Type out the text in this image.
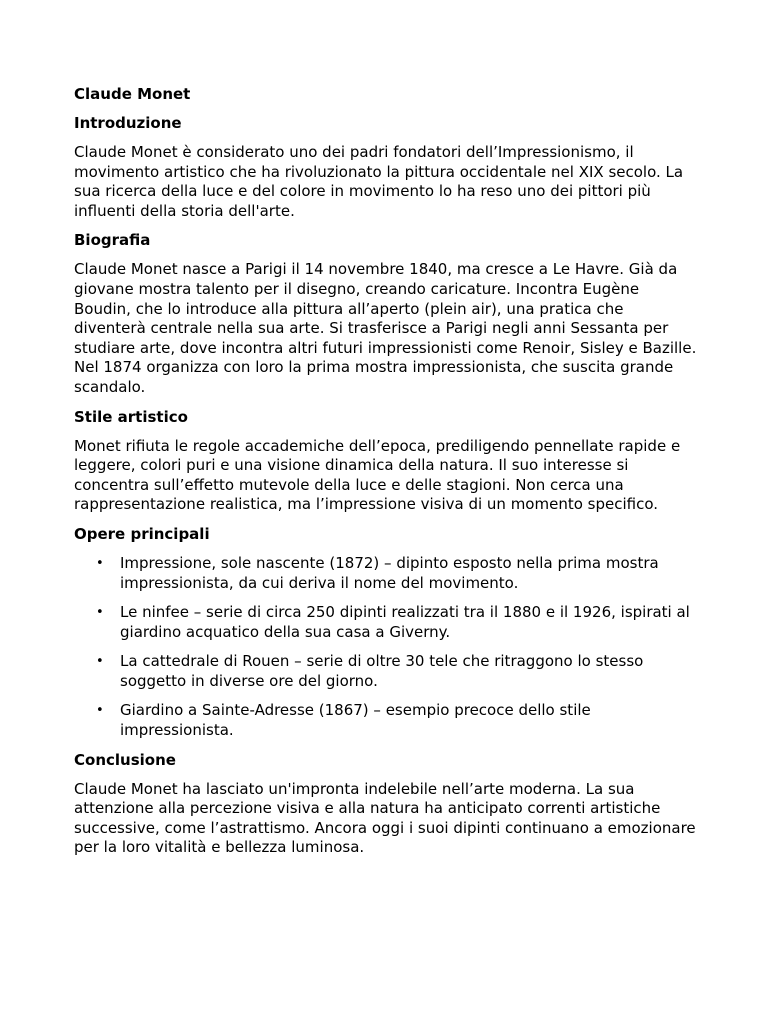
Claude Monet
Introduzione

Claude Monet è considerato uno dei padri fondatori dell’Impressionismo, il movimento artistico che ha rivoluzionato la pittura occidentale nel XIX secolo. La sua ricerca della luce e del colore in movimento lo ha reso uno dei pittori più influenti della storia dell'arte.

Biografia

Claude Monet nasce a Parigi il 14 novembre 1840, ma cresce a Le Havre. Già da giovane mostra talento per il disegno, creando caricature. Incontra Eugène Boudin, che lo introduce alla pittura all’aperto (plein air), una pratica che diventerà centrale nella sua arte. Si trasferisce a Parigi negli anni Sessanta per studiare arte, dove incontra altri futuri impressionisti come Renoir, Sisley e Bazille. Nel 1874 organizza con loro la prima mostra impressionista, che suscita grande scandalo.

Stile artistico

Monet rifiuta le regole accademiche dell’epoca, prediligendo pennellate rapide e leggere, colori puri e una visione dinamica della natura. Il suo interesse si concentra sull’effetto mutevole della luce e delle stagioni. Non cerca una rappresentazione realistica, ma l’impressione visiva di un momento specifico.

Opere principali
• Impressione, sole nascente (1872) – dipinto esposto nella prima mostra impressionista, da cui deriva il nome del movimento.
• Le ninfee – serie di circa 250 dipinti realizzati tra il 1880 e il 1926, ispirati al giardino acquatico della sua casa a Giverny.
• La cattedrale di Rouen – serie di oltre 30 tele che ritraggono lo stesso soggetto in diverse ore del giorno.
• Giardino a Sainte-Adresse (1867) – esempio precoce dello stile impressionista.
Conclusione

Claude Monet ha lasciato un'impronta indelebile nell’arte moderna. La sua attenzione alla percezione visiva e alla natura ha anticipato correnti artistiche successive, come l’astrattismo. Ancora oggi i suoi dipinti continuano a emozionare per la loro vitalità e bellezza luminosa.
